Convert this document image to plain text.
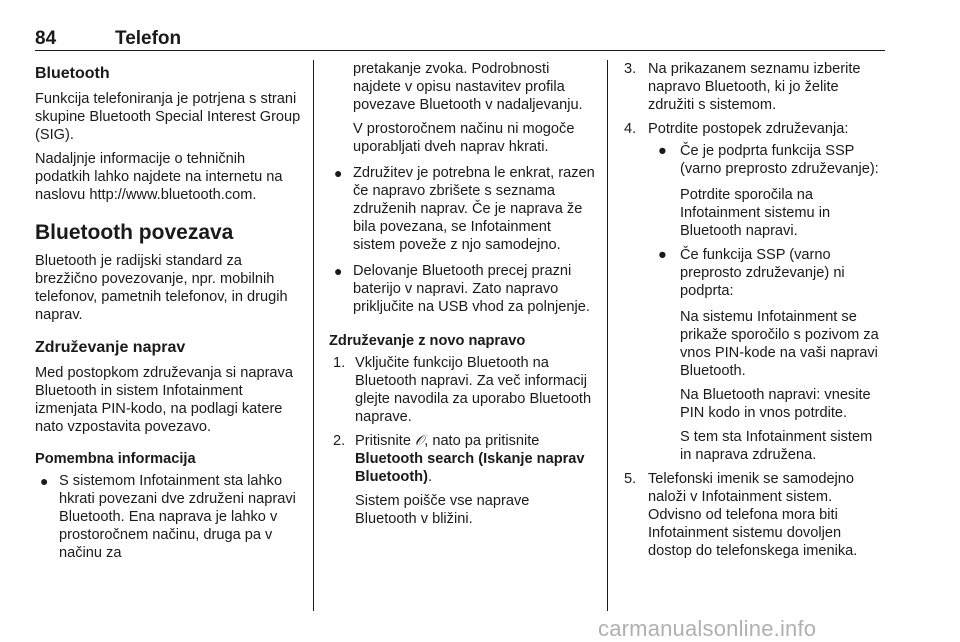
84	Telefon

Bluetooth

Funkcija telefoniranja je potrjena s strani skupine Bluetooth Special Interest Group (SIG).

Nadaljnje informacije o tehničnih podatkih lahko najdete na internetu na naslovu http://www.bluetooth.com.

Bluetooth povezava

Bluetooth je radijski standard za brezžično povezovanje, npr. mobilnih telefonov, pametnih telefonov, in drugih naprav.

Združevanje naprav

Med postopkom združevanja si naprava Bluetooth in sistem Infotainment izmenjata PIN-kodo, na podlagi katere nato vzpostavita povezavo.

Pomembna informacija

● S sistemom Infotainment sta lahko hkrati povezani dve združeni napravi Bluetooth. Ena naprava je lahko v prostoročnem načinu, druga pa v načinu za
pretakanje zvoka. Podrobnosti najdete v opisu nastavitev profila povezave Bluetooth v nadaljevanju.
V prostoročnem načinu ni mogoče uporabljati dveh naprav hkrati.
● Združitev je potrebna le enkrat, razen če napravo zbrišete s seznama združenih naprav. Če je naprava že bila povezana, se Infotainment sistem poveže z njo samodejno.
● Delovanje Bluetooth precej prazni baterijo v napravi. Zato napravo priključite na USB vhod za polnjenje.

Združevanje z novo napravo

1. Vključite funkcijo Bluetooth na Bluetooth napravi. Za več informacij glejte navodila za uporabo Bluetooth naprave.
2. Pritisnite 𝒪, nato pa pritisnite Bluetooth search (Iskanje naprav Bluetooth).

Sistem poišče vse naprave Bluetooth v bližini.

3. Na prikazanem seznamu izberite napravo Bluetooth, ki jo želite združiti s sistemom.
4. Potrdite postopek združevanja:
● Če je podprta funkcija SSP (varno preprosto združevanje):

Potrdite sporočila na Infotainment sistemu in Bluetooth napravi.

● Če funkcija SSP (varno preprosto združevanje) ni podprta:

Na sistemu Infotainment se prikaže sporočilo s pozivom za vnos PIN-kode na vaši napravi Bluetooth.

Na Bluetooth napravi: vnesite PIN kodo in vnos potrdite.

S tem sta Infotainment sistem in naprava združena.

5. Telefonski imenik se samodejno naloži v Infotainment sistem. Odvisno od telefona mora biti Infotainment sistemu dovoljen dostop do telefonskega imenika.
carmanualsonline.info
